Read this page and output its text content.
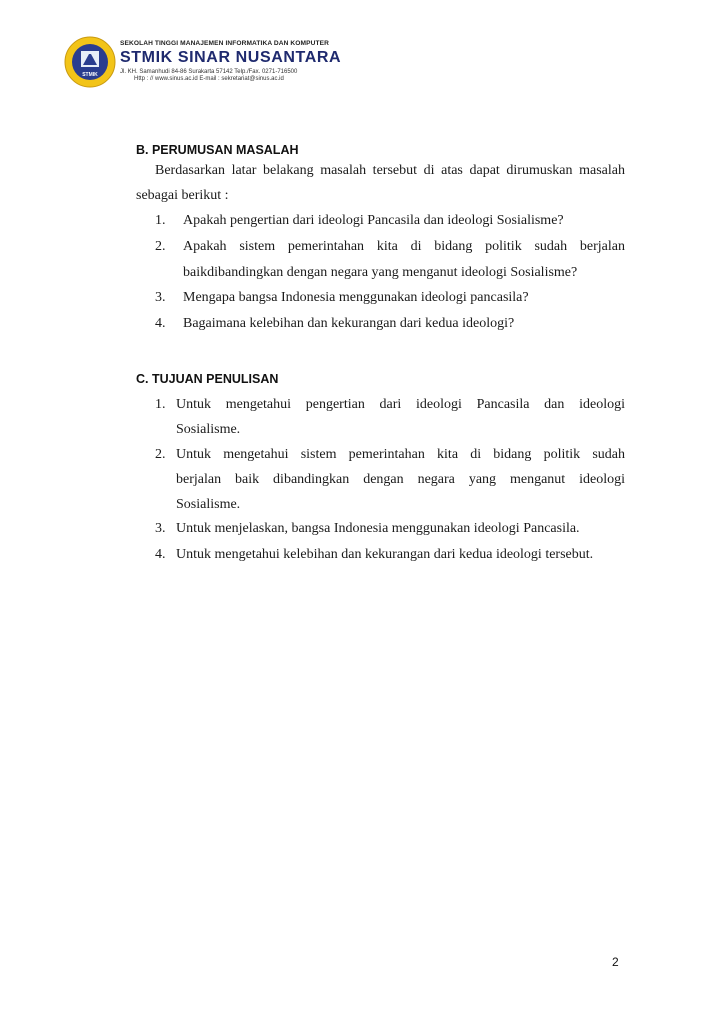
STMIK
SEKOLAH TINGGI MANAJEMEN INFORMATIKA DAN KOMPUTER
STMIK SINAR NUSANTARA
Jl. KH. Samanhudi 84-86 Surakarta 57142 Telp./Fax. 0271-716500
Http : // www.sinus.ac.id E-mail : sekretariat@sinus.ac.id
B. PERUMUSAN MASALAH
Berdasarkan latar belakang masalah tersebut di atas dapat dirumuskan masalah
sebagai berikut :
1. Apakah pengertian dari ideologi Pancasila dan ideologi Sosialisme?
2. Apakah sistem pemerintahan kita di bidang politik sudah berjalan
baikdibandingkan dengan negara yang menganut ideologi Sosialisme?
3. Mengapa bangsa Indonesia menggunakan ideologi pancasila?
4. Bagaimana kelebihan dan kekurangan dari kedua ideologi?
C. TUJUAN PENULISAN
1. Untuk mengetahui pengertian dari ideologi Pancasila dan ideologi
Sosialisme.
2. Untuk mengetahui sistem pemerintahan kita di bidang politik sudah
berjalan baik dibandingkan dengan negara yang menganut ideologi
Sosialisme.
3. Untuk menjelaskan, bangsa Indonesia menggunakan ideologi Pancasila.
4. Untuk mengetahui kelebihan dan kekurangan dari kedua ideologi tersebut.
2
